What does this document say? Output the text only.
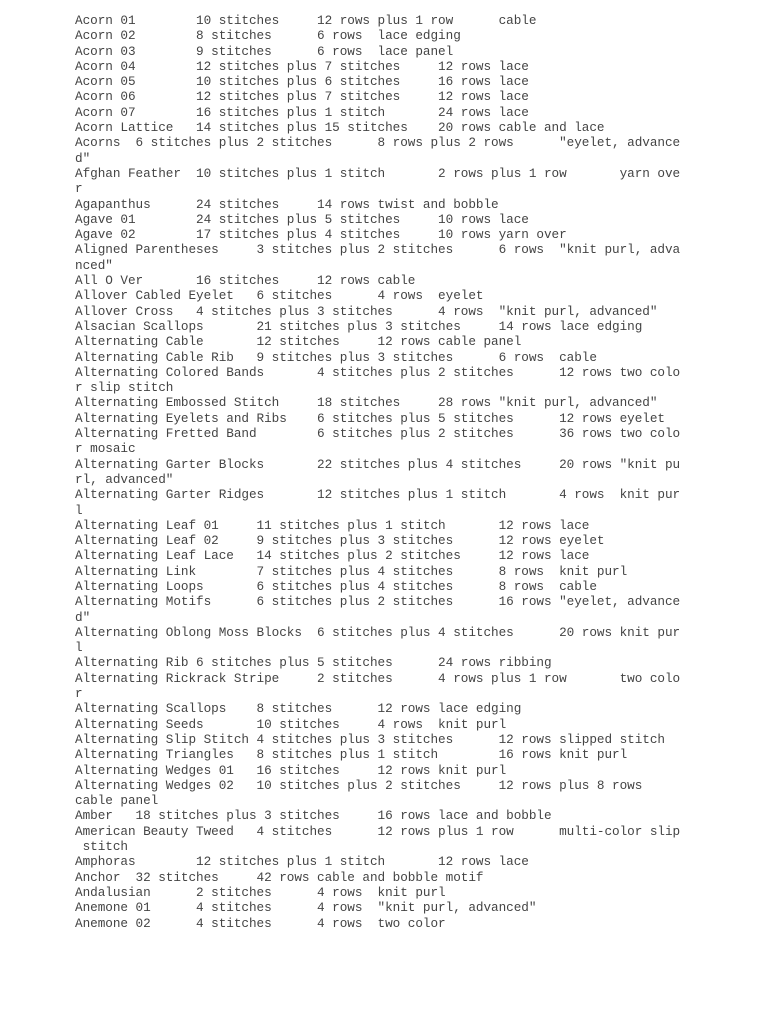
Acorn 01        10 stitches     12 rows plus 1 row      cable
Acorn 02        8 stitches      6 rows  lace edging
Acorn 03        9 stitches      6 rows  lace panel
Acorn 04        12 stitches plus 7 stitches     12 rows lace
Acorn 05        10 stitches plus 6 stitches     16 rows lace
Acorn 06        12 stitches plus 7 stitches     12 rows lace
Acorn 07        16 stitches plus 1 stitch       24 rows lace
Acorn Lattice   14 stitches plus 15 stitches    20 rows cable and lace
Acorns  6 stitches plus 2 stitches      8 rows plus 2 rows      "eyelet, advance
d"
Afghan Feather  10 stitches plus 1 stitch       2 rows plus 1 row       yarn ove
r
Agapanthus      24 stitches     14 rows twist and bobble
Agave 01        24 stitches plus 5 stitches     10 rows lace
Agave 02        17 stitches plus 4 stitches     10 rows yarn over
Aligned Parentheses     3 stitches plus 2 stitches      6 rows  "knit purl, adva
nced"
All O Ver       16 stitches     12 rows cable
Allover Cabled Eyelet   6 stitches      4 rows  eyelet
Allover Cross   4 stitches plus 3 stitches      4 rows  "knit purl, advanced"
Alsacian Scallops       21 stitches plus 3 stitches     14 rows lace edging
Alternating Cable       12 stitches     12 rows cable panel
Alternating Cable Rib   9 stitches plus 3 stitches      6 rows  cable
Alternating Colored Bands       4 stitches plus 2 stitches      12 rows two colo
r slip stitch
Alternating Embossed Stitch     18 stitches     28 rows "knit purl, advanced"
Alternating Eyelets and Ribs    6 stitches plus 5 stitches      12 rows eyelet
Alternating Fretted Band        6 stitches plus 2 stitches      36 rows two colo
r mosaic
Alternating Garter Blocks       22 stitches plus 4 stitches     20 rows "knit pu
rl, advanced"
Alternating Garter Ridges       12 stitches plus 1 stitch       4 rows  knit pur
l
Alternating Leaf 01     11 stitches plus 1 stitch       12 rows lace
Alternating Leaf 02     9 stitches plus 3 stitches      12 rows eyelet
Alternating Leaf Lace   14 stitches plus 2 stitches     12 rows lace
Alternating Link        7 stitches plus 4 stitches      8 rows  knit purl
Alternating Loops       6 stitches plus 4 stitches      8 rows  cable
Alternating Motifs      6 stitches plus 2 stitches      16 rows "eyelet, advance
d"
Alternating Oblong Moss Blocks  6 stitches plus 4 stitches      20 rows knit pur
l
Alternating Rib 6 stitches plus 5 stitches      24 rows ribbing
Alternating Rickrack Stripe     2 stitches      4 rows plus 1 row       two colo
r
Alternating Scallops    8 stitches      12 rows lace edging
Alternating Seeds       10 stitches     4 rows  knit purl
Alternating Slip Stitch 4 stitches plus 3 stitches      12 rows slipped stitch
Alternating Triangles   8 stitches plus 1 stitch        16 rows knit purl
Alternating Wedges 01   16 stitches     12 rows knit purl
Alternating Wedges 02   10 stitches plus 2 stitches     12 rows plus 8 rows
cable panel
Amber   18 stitches plus 3 stitches     16 rows lace and bobble
American Beauty Tweed   4 stitches      12 rows plus 1 row      multi-color slip
stitch
Amphoras        12 stitches plus 1 stitch       12 rows lace
Anchor  32 stitches     42 rows cable and bobble motif
Andalusian      2 stitches      4 rows  knit purl
Anemone 01      4 stitches      4 rows  "knit purl, advanced"
Anemone 02      4 stitches      4 rows  two color
